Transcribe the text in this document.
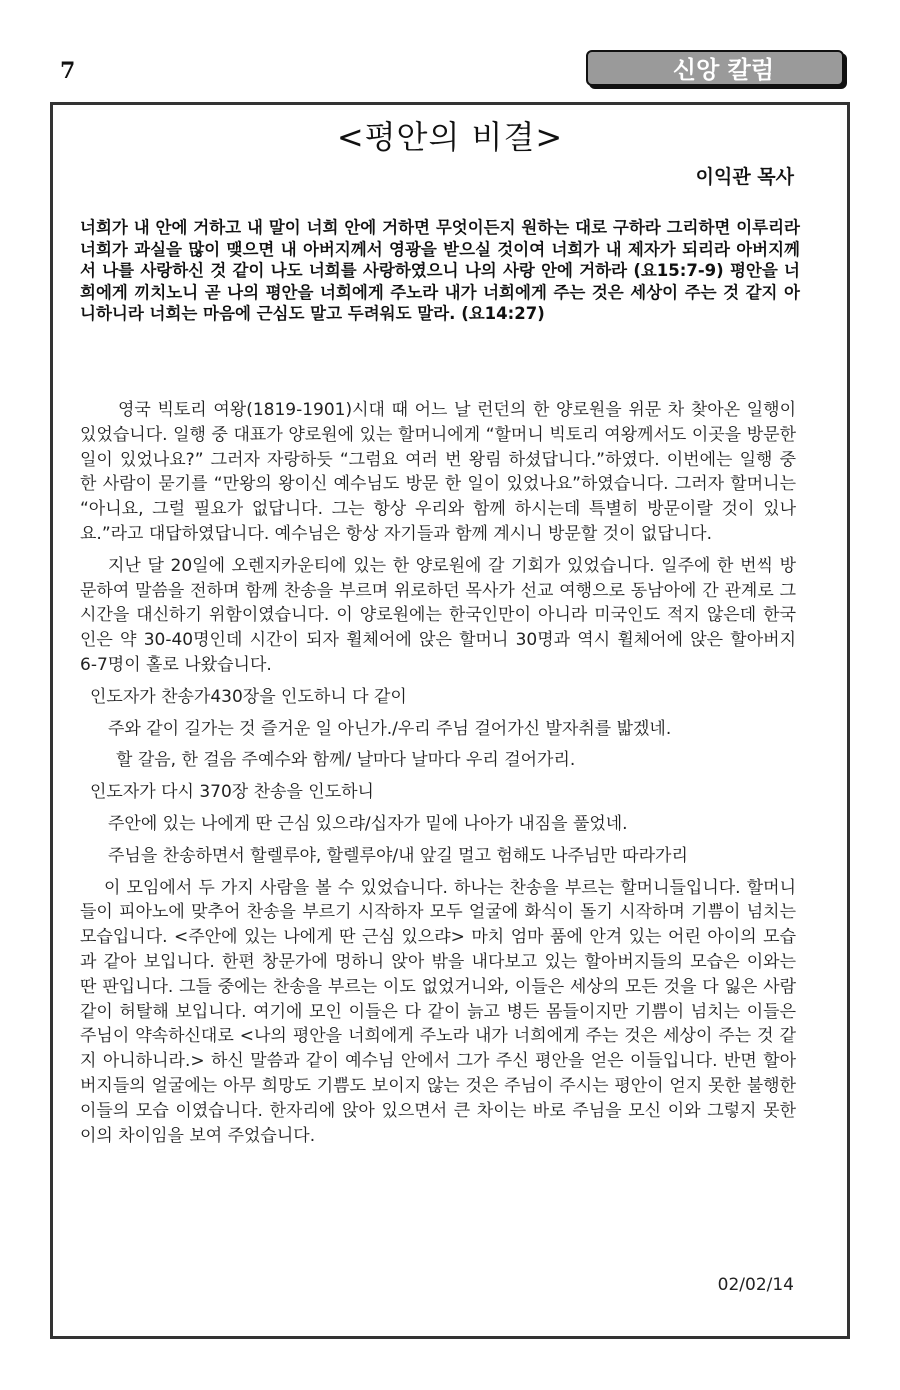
7	신앙 칼럼
<평안의 비결>
이익관 목사

너희가 내 안에 거하고 내 말이 너희 안에 거하면 무엇이든지 원하는 대로 구하라 그리하면 이루리라 너희가 과실을 많이 맺으면 내 아버지께서 영광을 받으실 것이여 너희가 내 제자가 되리라 아버지께서 나를 사랑하신 것 같이 나도 너희를 사랑하였으니 나의 사랑 안에 거하라 (요15:7-9) 평안을 너희에게 끼치노니 곧 나의 평안을 너희에게 주노라 내가 너희에게 주는 것은 세상이 주는 것 같지 아니하니라 너희는 마음에 근심도 말고 두려워도 말라. (요14:27)

영국 빅토리 여왕(1819-1901)시대 때 어느 날 런던의 한 양로원을 위문 차 찾아온 일행이 있었습니다. 일행 중 대표가 양로원에 있는 할머니에게 “할머니 빅토리 여왕께서도 이곳을 방문한 일이 있었나요?” 그러자 자랑하듯 “그럼요 여러 번 왕림 하셨답니다.”하였다. 이번에는 일행 중 한 사람이 묻기를 “만왕의 왕이신 예수님도 방문 한 일이 있었나요”하였습니다. 그러자 할머니는 “아니요, 그럴 필요가 없답니다. 그는 항상 우리와 함께 하시는데 특별히 방문이랄 것이 있나요.”라고 대답하였답니다. 예수님은 항상 자기들과 함께 계시니 방문할 것이 없답니다.

지난 달 20일에 오렌지카운티에 있는 한 양로원에 갈 기회가 있었습니다. 일주에 한 번씩 방문하여 말씀을 전하며 함께 찬송을 부르며 위로하던 목사가 선교 여행으로 동남아에 간 관계로 그 시간을 대신하기 위함이였습니다. 이 양로원에는 한국인만이 아니라 미국인도 적지 않은데 한국인은 약 30-40명인데 시간이 되자 휠체어에 앉은 할머니 30명과 역시 휠체어에 앉은 할아버지 6-7명이 홀로 나왔습니다.

인도자가 찬송가430장을 인도하니 다 같이

주와 같이 길가는 것 즐거운 일 아닌가./우리 주님 걸어가신 발자취를 밟겠네.

할 갈음, 한 걸음 주예수와 함께/ 날마다 날마다 우리 걸어가리.

인도자가 다시 370장 찬송을 인도하니

주안에 있는 나에게 딴 근심 있으랴/십자가 밑에 나아가 내짐을 풀었네.

주님을 찬송하면서 할렐루야, 할렐루야/내 앞길 멀고 험해도 나주님만 따라가리

이 모임에서 두 가지 사람을 볼 수 있었습니다. 하나는 찬송을 부르는 할머니들입니다. 할머니들이 피아노에 맞추어 찬송을 부르기 시작하자 모두 얼굴에 화식이 돌기 시작하며 기쁨이 넘치는 모습입니다. <주안에 있는 나에게 딴 근심 있으랴> 마치 엄마 품에 안겨 있는 어린 아이의 모습과 같아 보입니다. 한편 창문가에 멍하니 앉아 밖을 내다보고 있는 할아버지들의 모습은 이와는 딴 판입니다. 그들 중에는 찬송을 부르는 이도 없었거니와, 이들은 세상의 모든 것을 다 잃은 사람 같이 허탈해 보입니다. 여기에 모인 이들은 다 같이 늙고 병든 몸들이지만 기쁨이 넘치는 이들은 주님이 약속하신대로 <나의 평안을 너희에게 주노라 내가 너희에게 주는 것은 세상이 주는 것 같지 아니하니라.> 하신 말씀과 같이 예수님 안에서 그가 주신 평안을 얻은 이들입니다. 반면 할아버지들의 얼굴에는 아무 희망도 기쁨도 보이지 않는 것은 주님이 주시는 평안이 얻지 못한 불행한 이들의 모습 이였습니다. 한자리에 앉아 있으면서 큰 차이는 바로 주님을 모신 이와 그렇지 못한 이의 차이임을 보여 주었습니다.

02/02/14
